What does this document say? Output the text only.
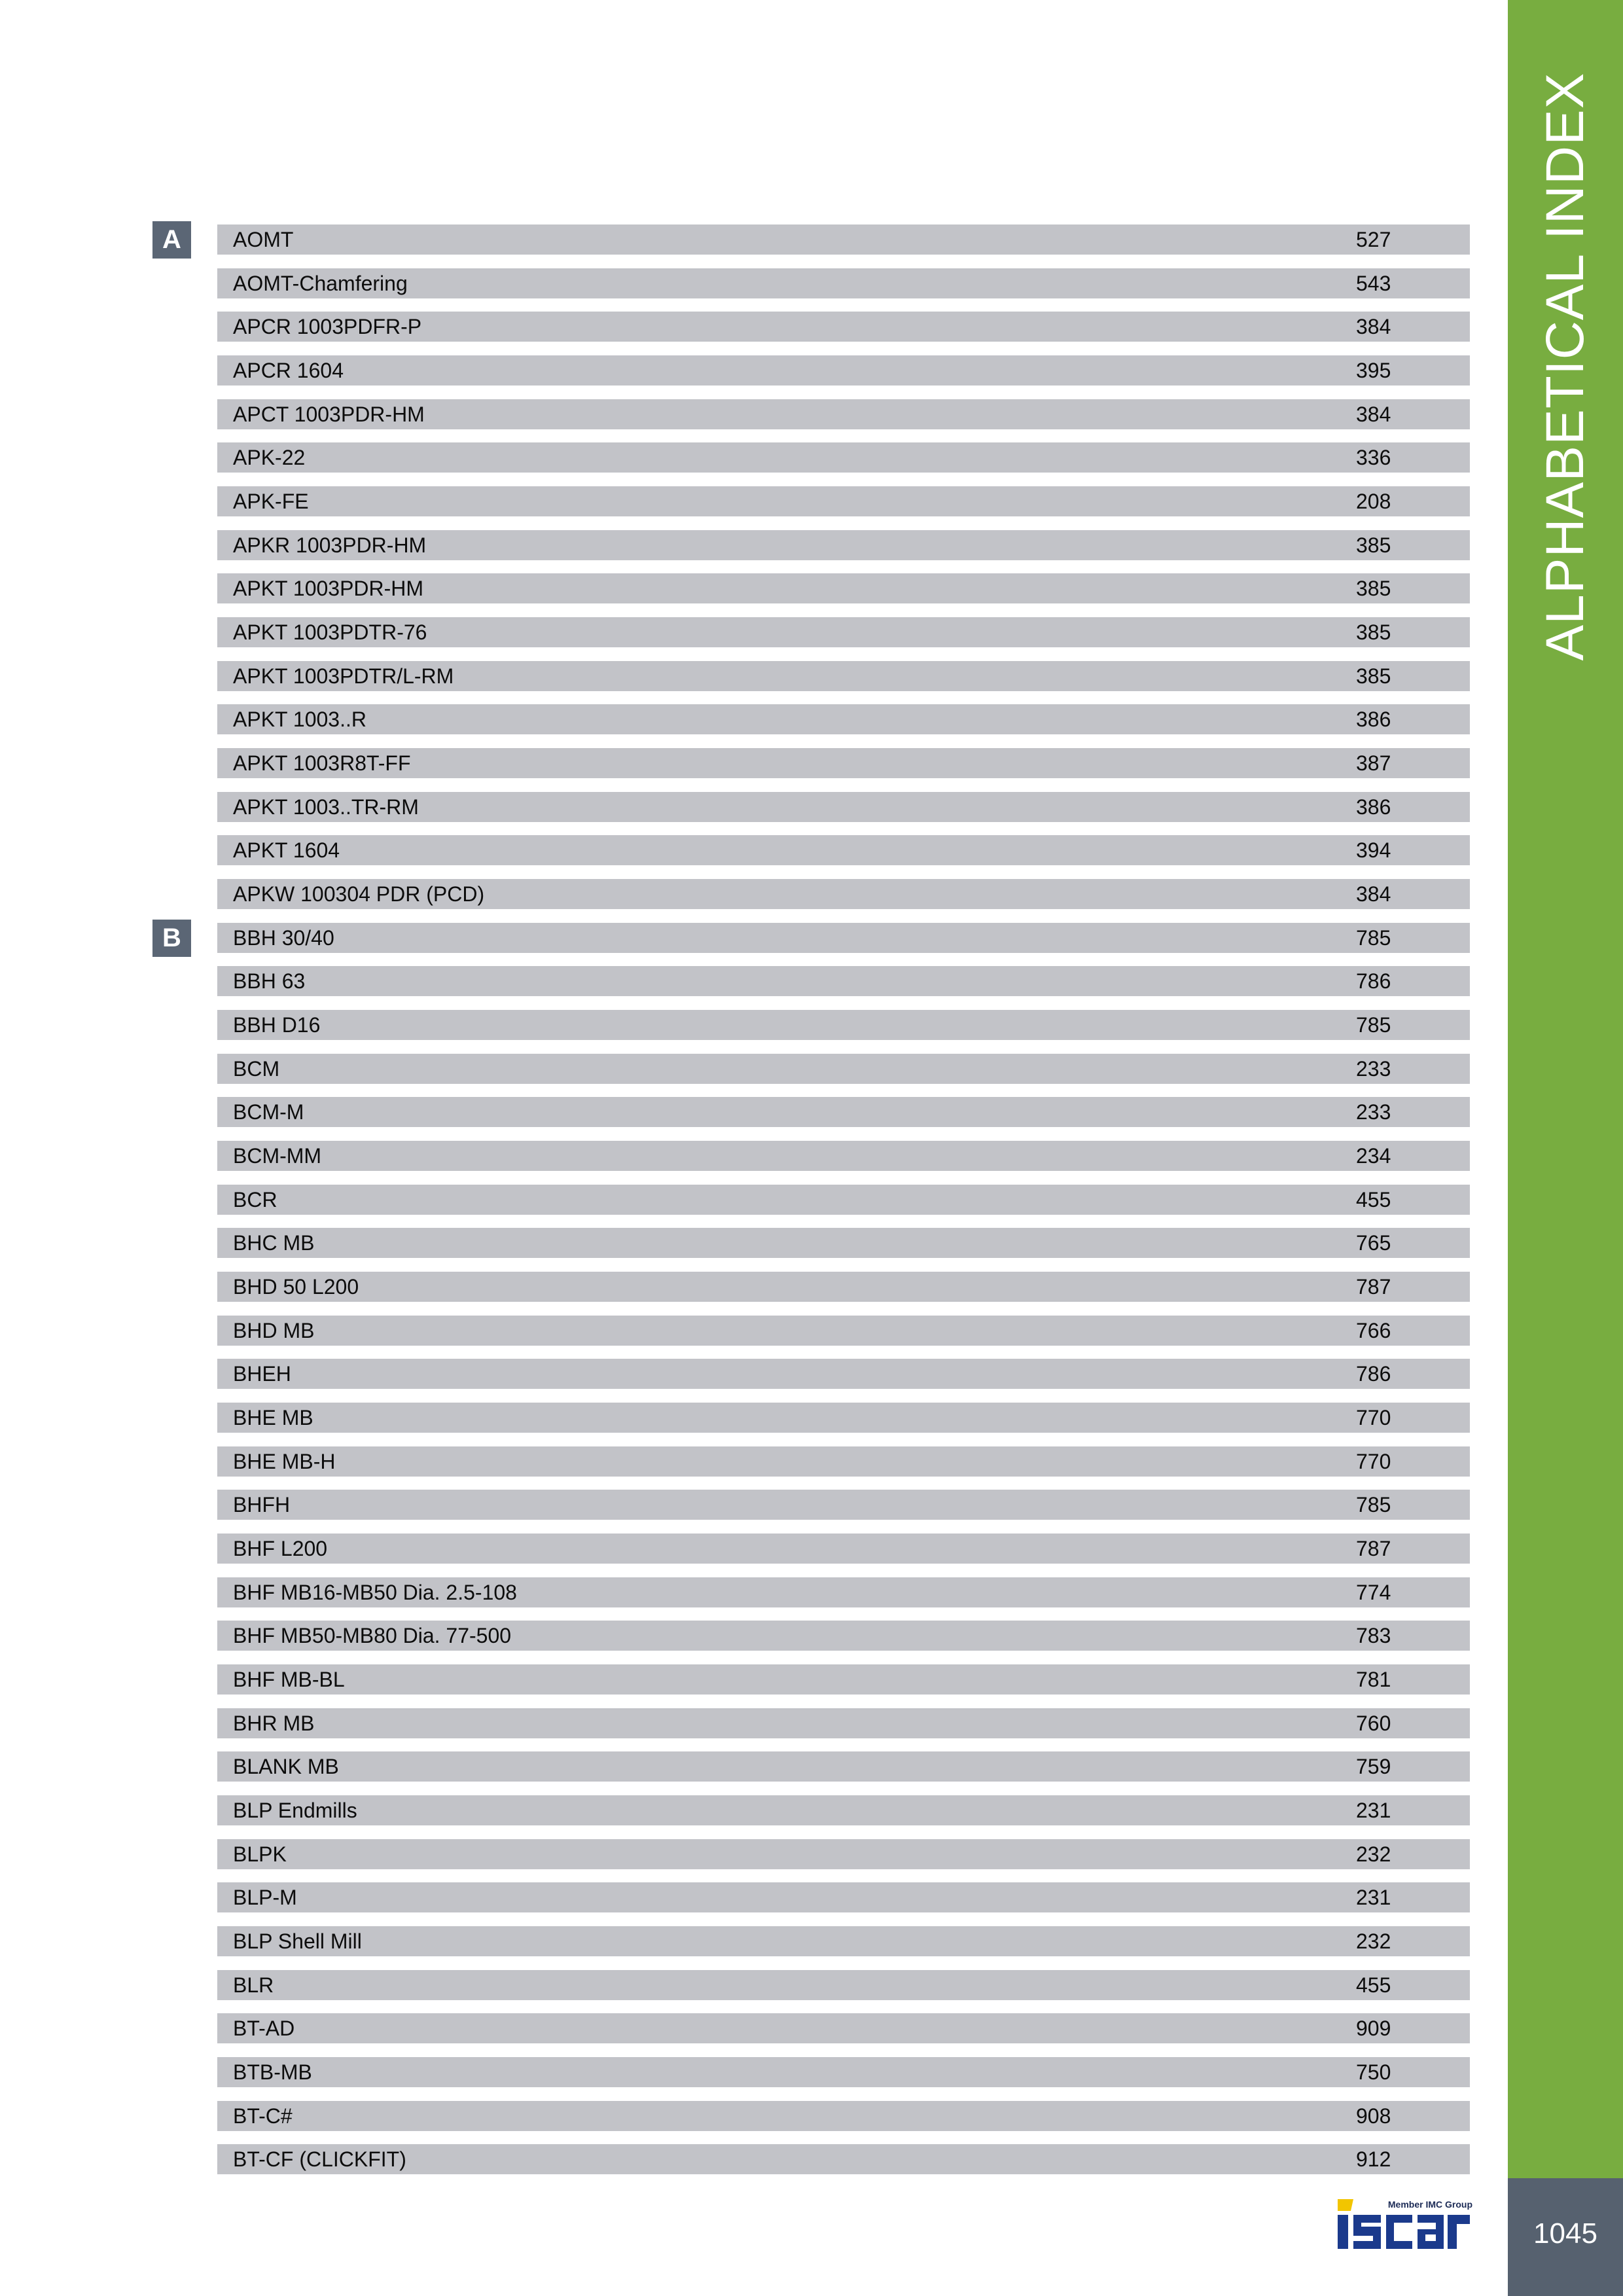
A	AOMT	527
AOMT-Chamfering	543
APCR 1003PDFR-P	384
APCR 1604	395
APCT 1003PDR-HM	384
APK-22	336
APK-FE	208
APKR 1003PDR-HM	385
APKT 1003PDR-HM	385
APKT 1003PDTR-76	385
APKT 1003PDTR/L-RM	385
APKT 1003..R	386
APKT 1003R8T-FF	387
APKT 1003..TR-RM	386
APKT 1604	394
APKW 100304 PDR (PCD)	384
B	BBH 30/40	785
BBH 63	786
BBH D16	785
BCM	233
BCM-M	233
BCM-MM	234
BCR	455
BHC MB	765
BHD 50 L200	787
BHD MB	766
BHEH	786
BHE MB	770
BHE MB-H	770
BHFH	785
BHF L200	787
BHF MB16-MB50 Dia. 2.5-108	774
BHF MB50-MB80 Dia. 77-500	783
BHF MB-BL	781
BHR MB	760
BLANK MB	759
BLP Endmills	231
BLPK	232
BLP-M	231
BLP Shell Mill	232
BLR	455
BT-AD	909
BTB-MB	750
BT-C#	908
BT-CF (CLICKFIT)	912
ALPHABETICAL INDEX
1045
Member IMC Group
